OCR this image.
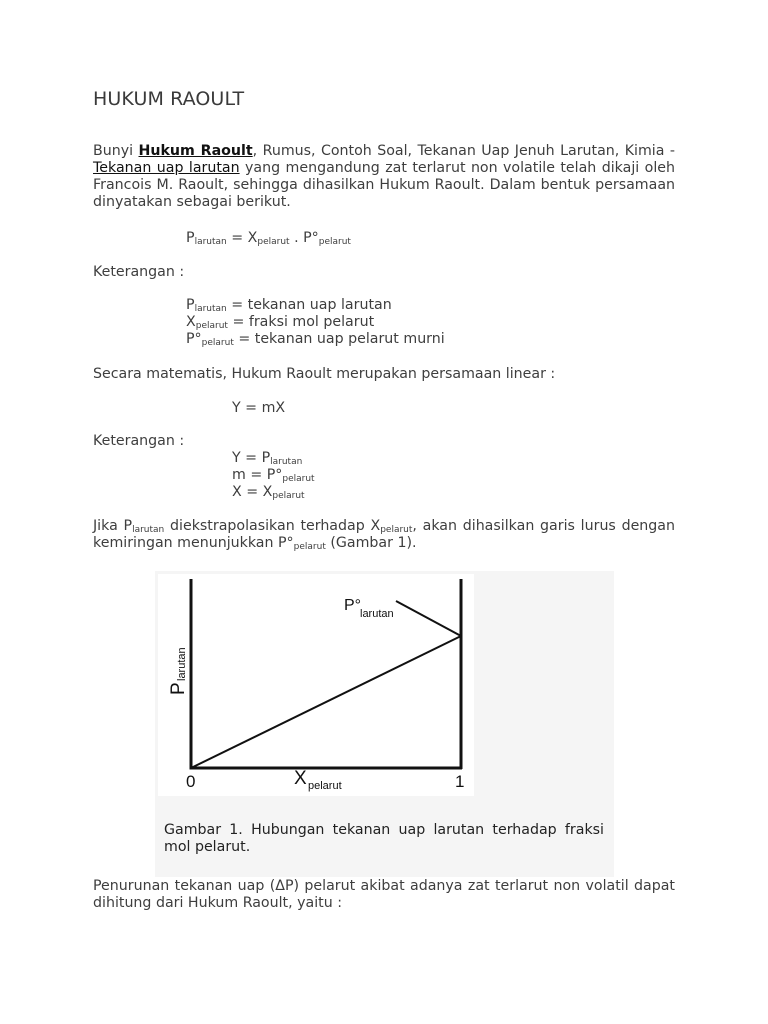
HUKUM RAOULT

Bunyi Hukum Raoult, Rumus, Contoh Soal, Tekanan Uap Jenuh Larutan, Kimia - Tekanan uap larutan yang mengandung zat terlarut non volatile telah dikaji oleh Francois M. Raoult, sehingga dihasilkan Hukum Raoult. Dalam bentuk persamaan dinyatakan sebagai berikut.

$P_{larutan} = X_{pelarut}$ . $P^\circ_{pelarut}$

Keterangan :

$P_{larutan}$ = tekanan uap larutan

$X_{pelarut}$ = fraksi mol pelarut

$P^\circ_{pelarut}$ = tekanan uap pelarut murni

Secara matematis, Hukum Raoult merupakan persamaan linear :

Y = mX

Keterangan :

$Y = P_{larutan}$

$m = P^\circ_{pelarut}$

$X = X_{pelarut}$

Jika $P_{larutan}$ diekstrapolasikan terhadap $X_{pelarut}$, akan dihasilkan garis lurus dengan kemiringan menunjukkan $P^\circ_{pelarut}$ (Gambar 1).

P°
larutan
P
larutan
0	1
X pelarut

Gambar 1. Hubungan tekanan uap larutan terhadap fraksi mol pelarut.

Penurunan tekanan uap (ΔP) pelarut akibat adanya zat terlarut non volatil dapat dihitung dari Hukum Raoult, yaitu :
